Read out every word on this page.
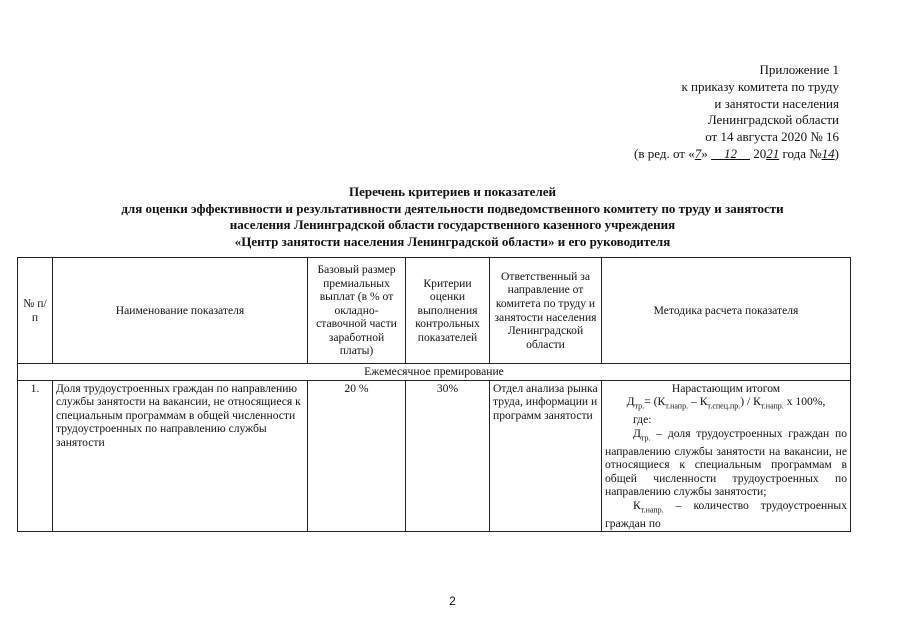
Приложение 1
к приказу комитета по труду
и занятости населения
Ленинградской области
от 14 августа 2020 № 16
(в ред. от «7» 12 2021 года №14)
Перечень критериев и показателей
для оценки эффективности и результативности деятельности подведомственного комитету по труду и занятости
населения Ленинградской области государственного казенного учреждения
«Центр занятости населения Ленинградской области» и его руководителя
№ п/п	Наименование показателя	Базовый размер премиальных выплат (в % от окладно-ставочной части заработной платы)	Критерии оценки выполнения контрольных показателей	Ответственный за направление от комитета по труду и занятости населения Ленинградской области	Методика расчета показателя
Ежемесячное премирование					
1.	Доля трудоустроенных граждан по направлению службы занятости на вакансии, не относящиеся к специальным программам в общей численности трудоустроенных по направлению службы занятости	20 %	30%	Отдел анализа рынка труда, информации и программ занятости	Нарастающим итогом

$Д_{тр.}= (К_{т.напр.} - К_{т.спец.пр.}) / К_{т.напр.}$ х 100%,

где:

$Д_{тр.}$ – доля трудоустроенных граждан по направлению службы занятости на вакансии, не относящиеся к специальным программам в общей численности трудоустроенных по направлению службы занятости;

$К_{т.напр.}$ – количество трудоустроенных граждан по

2
